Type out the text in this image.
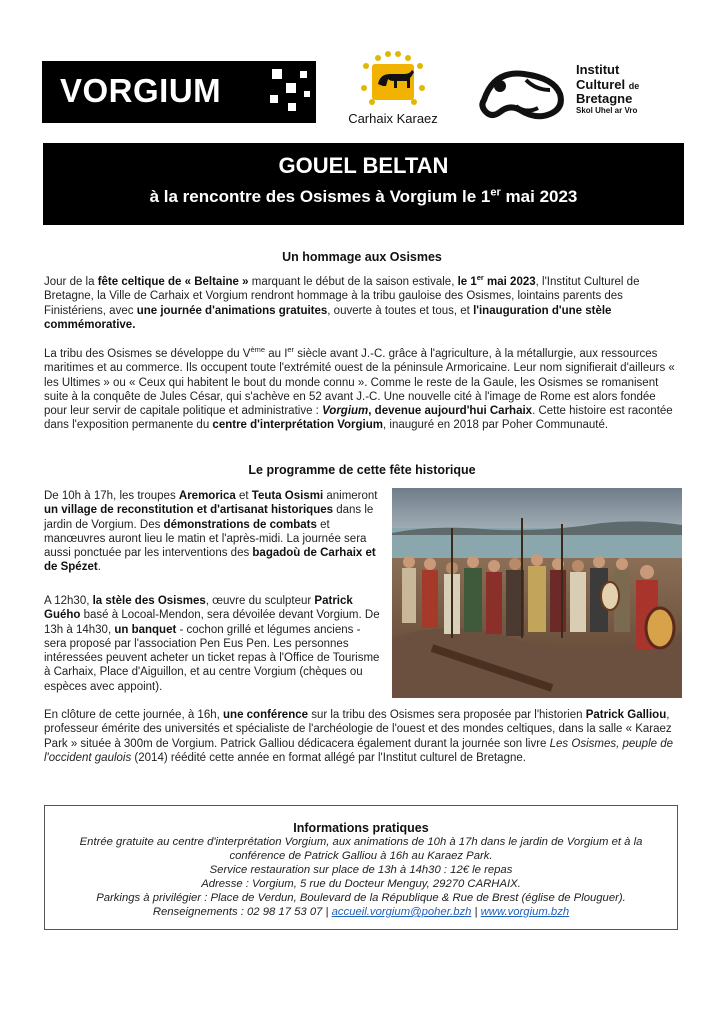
VORGIUM
Carhaix Karaez
Institut
Culturel de
Bretagne
Skol Uhel ar Vro
GOUEL BELTAN
à la rencontre des Osismes à Vorgium le 1er mai 2023
Un hommage aux Osismes
Jour de la fête celtique de « Beltaine » marquant le début de la saison estivale, le 1er mai 2023, l'Institut Culturel de Bretagne, la Ville de Carhaix et Vorgium rendront hommage à la tribu gauloise des Osismes, lointains parents des Finistériens, avec une journée d'animations gratuites, ouverte à toutes et tous, et l'inauguration d'une stèle commémorative.
La tribu des Osismes se développe du Vème au Ier siècle avant J.-C. grâce à l'agriculture, à la métallurgie, aux ressources maritimes et au commerce. Ils occupent toute l'extrémité ouest de la péninsule Armoricaine. Leur nom signifierait d'ailleurs « les Ultimes » ou « Ceux qui habitent le bout du monde connu ». Comme le reste de la Gaule, les Osismes se romanisent suite à la conquête de Jules César, qui s'achève en 52 avant J.-C. Une nouvelle cité à l'image de Rome est alors fondée pour leur servir de capitale politique et administrative : Vorgium, devenue aujourd'hui Carhaix. Cette histoire est racontée dans l'exposition permanente du centre d'interprétation Vorgium, inauguré en 2018 par Poher Communauté.
Le programme de cette fête historique
De 10h à 17h, les troupes Aremorica et Teuta Osismi animeront un village de reconstitution et d'artisanat historiques dans le jardin de Vorgium. Des démonstrations de combats et manœuvres auront lieu le matin et l'après-midi. La journée sera aussi ponctuée par les interventions des bagadoù de Carhaix et de Spézet.
A 12h30, la stèle des Osismes, œuvre du sculpteur Patrick Guého basé à Locoal-Mendon, sera dévoilée devant Vorgium. De 13h à 14h30, un banquet - cochon grillé et légumes anciens - sera proposé par l'association Pen Eus Pen. Les personnes intéressées peuvent acheter un ticket repas à l'Office de Tourisme à Carhaix, Place d'Aiguillon, et au centre Vorgium (chèques ou espèces avec appoint).
En clôture de cette journée, à 16h, une conférence sur la tribu des Osismes sera proposée par l'historien Patrick Galliou, professeur émérite des universités et spécialiste de l'archéologie de l'ouest et des mondes celtiques, dans la salle « Karaez Park » située à 300m de Vorgium. Patrick Galliou dédicacera également durant la journée son livre Les Osismes, peuple de l'occident gaulois (2014) réédité cette année en format allégé par l'Institut culturel de Bretagne.
Informations pratiques
Entrée gratuite au centre d'interprétation Vorgium, aux animations de 10h à 17h dans le jardin de Vorgium et à la
conférence de Patrick Galliou à 16h au Karaez Park.
Service restauration sur place de 13h à 14h30 : 12€ le repas
Adresse : Vorgium, 5 rue du Docteur Menguy, 29270 CARHAIX.
Parkings à privilégier : Place de Verdun, Boulevard de la République & Rue de Brest (église de Plouguer).
Renseignements : 02 98 17 53 07 | accueil.vorgium@poher.bzh | www.vorgium.bzh
